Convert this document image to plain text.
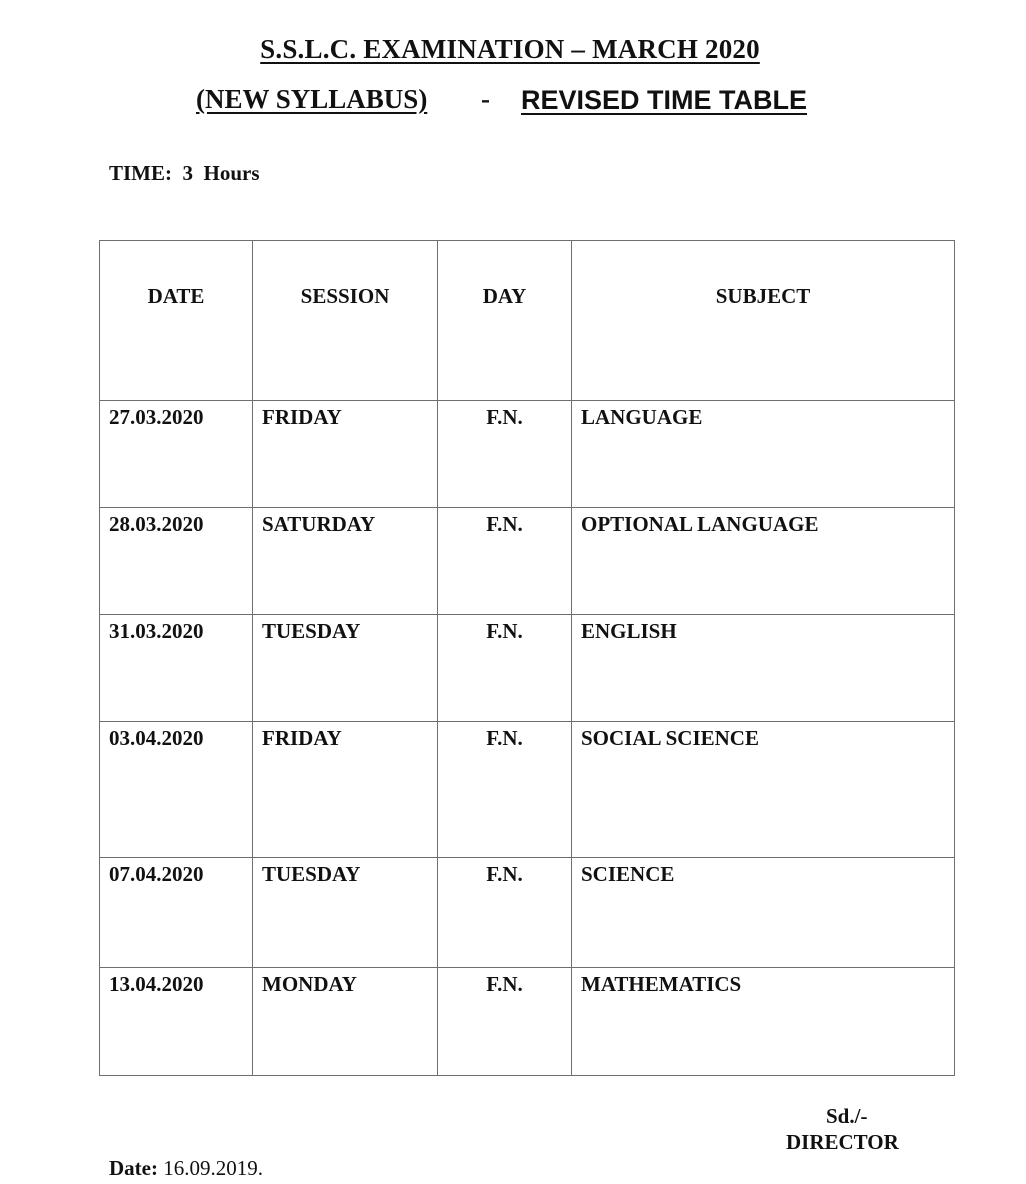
S.S.L.C. EXAMINATION – MARCH 2020
(NEW SYLLABUS) - REVISED TIME TABLE
TIME:  3  Hours
DATE	SESSION	DAY	SUBJECT
27.03.2020	FRIDAY	F.N.	LANGUAGE
28.03.2020	SATURDAY	F.N.	OPTIONAL LANGUAGE
31.03.2020	TUESDAY	F.N.	ENGLISH
03.04.2020	FRIDAY	F.N.	SOCIAL SCIENCE
07.04.2020	TUESDAY	F.N.	SCIENCE
13.04.2020	MONDAY	F.N.	MATHEMATICS
Sd./-
DIRECTOR
Date: 16.09.2019.
